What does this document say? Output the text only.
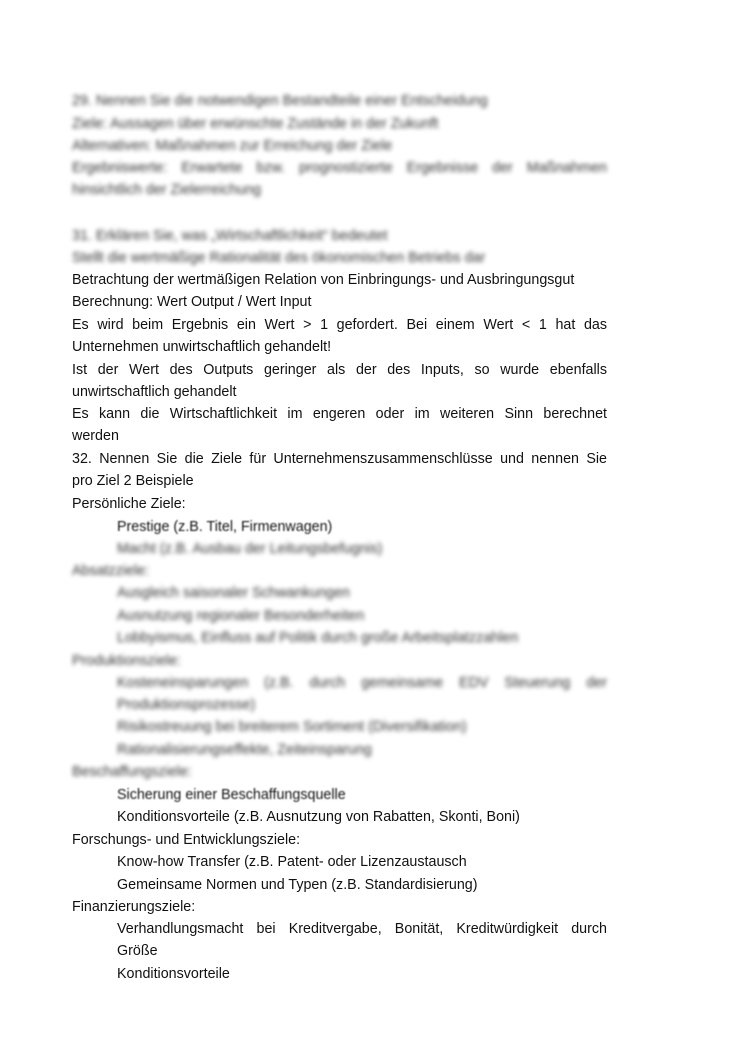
29. Nennen Sie die notwendigen Bestandteile einer Entscheidung
Ziele: Aussagen über erwünschte Zustände in der Zukunft
Alternativen: Maßnahmen zur Erreichung der Ziele
Ergebniswerte: Erwartete bzw. prognostizierte Ergebnisse der Maßnahmen
hinsichtlich der Zielerreichung
31. Erklären Sie, was „Wirtschaftlichkeit“ bedeutet
Stellt die wertmäßige Rationalität des ökonomischen Betriebs dar
Betrachtung der wertmäßigen Relation von Einbringungs- und Ausbringungsgut
Berechnung: Wert Output / Wert Input
Es wird beim Ergebnis ein Wert > 1 gefordert. Bei einem Wert < 1 hat das
Unternehmen unwirtschaftlich gehandelt!
Ist der Wert des Outputs geringer als der des Inputs, so wurde ebenfalls
unwirtschaftlich gehandelt
Es kann die Wirtschaftlichkeit im engeren oder im weiteren Sinn berechnet
werden
32. Nennen Sie die Ziele für Unternehmenszusammenschlüsse und nennen Sie
pro Ziel 2 Beispiele
Persönliche Ziele:
Prestige (z.B. Titel, Firmenwagen)
Macht (z.B. Ausbau der Leitungsbefugnis)
Absatzziele:
Ausgleich saisonaler Schwankungen
Ausnutzung regionaler Besonderheiten
Lobbyismus, Einfluss auf Politik durch große Arbeitsplatzzahlen
Produktionsziele:
Kosteneinsparungen (z.B. durch gemeinsame EDV Steuerung der
Produktionsprozesse)
Risikostreuung bei breiterem Sortiment (Diversifikation)
Rationalisierungseffekte, Zeiteinsparung
Beschaffungsziele:
Sicherung einer Beschaffungsquelle
Konditionsvorteile (z.B. Ausnutzung von Rabatten, Skonti, Boni)
Forschungs- und Entwicklungsziele:
Know-how Transfer (z.B. Patent- oder Lizenzaustausch
Gemeinsame Normen und Typen (z.B. Standardisierung)
Finanzierungsziele:
Verhandlungsmacht bei Kreditvergabe, Bonität, Kreditwürdigkeit durch
Größe
Konditionsvorteile
